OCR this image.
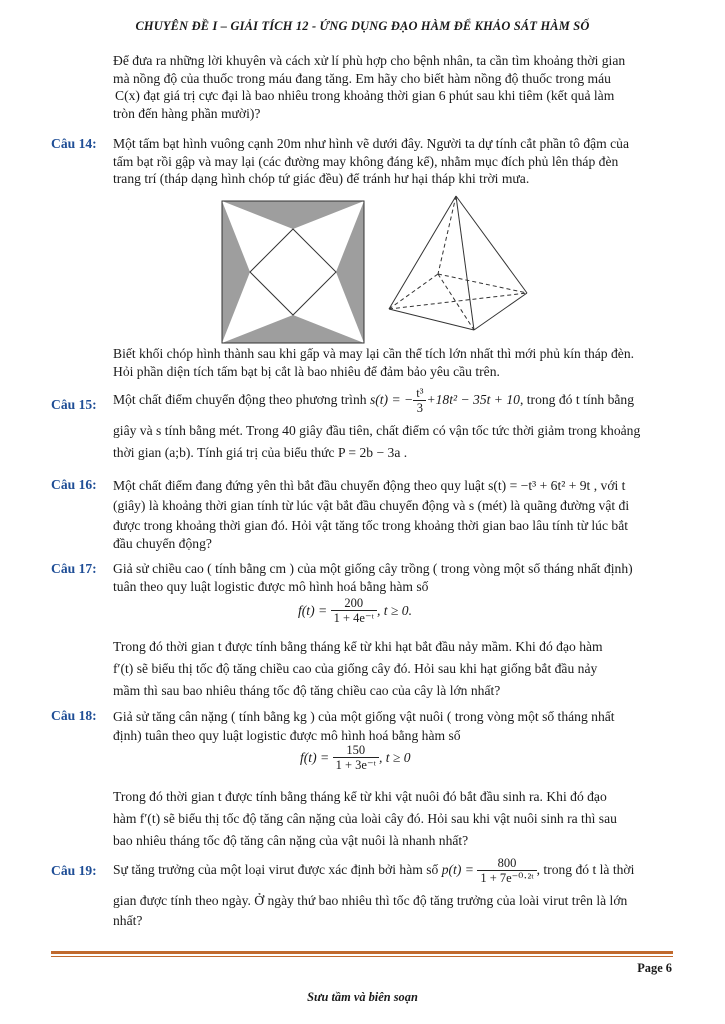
CHUYÊN ĐỀ I – GIẢI TÍCH 12 - ỨNG DỤNG ĐẠO HÀM ĐỂ KHẢO SÁT HÀM SỐ
Để đưa ra những lời khuyên và cách xử lí phù hợp cho bệnh nhân, ta cần tìm khoảng thời gian
mà nồng độ của thuốc trong máu đang tăng. Em hãy cho biết hàm nồng độ thuốc trong máu
C(x) đạt giá trị cực đại là bao nhiêu trong khoảng thời gian 6 phút sau khi tiêm (kết quả làm
tròn đến hàng phần mười)?
Câu 14: Một tấm bạt hình vuông cạnh 20m như hình vẽ dưới đây. Người ta dự tính cắt phần tô đậm của
tấm bạt rồi gập và may lại (các đường may không đáng kể), nhằm mục đích phủ lên tháp đèn
trang trí (tháp dạng hình chóp tứ giác đều) để tránh hư hại tháp khi trời mưa.
Biết khối chóp hình thành sau khi gấp và may lại cần thể tích lớn nhất thì mới phủ kín tháp đèn.
Hỏi phần diện tích tấm bạt bị cắt là bao nhiêu để đảm bảo yêu cầu trên.
Câu 15: Một chất điểm chuyển động theo phương trình
s(t) = − $\frac{\text{t³}}{3} +18t^2 - 35t + 10$ , trong đó t tính bằng
giây và s tính bằng mét. Trong 40 giây đầu tiên, chất điểm có vận tốc tức thời giảm trong khoảng
thời gian (a;b). Tính giá trị của biểu thức P = 2b − 3a .
Câu 16: Một chất điểm đang đứng yên thì bắt đầu chuyển động theo quy luật s(t) = −t³ + 6t² + 9t , với t
(giây) là khoảng thời gian tính từ lúc vật bắt đầu chuyển động và s (mét) là quãng đường vật đi
được trong khoảng thời gian đó. Hỏi vật tăng tốc trong khoảng thời gian bao lâu tính từ lúc bắt
đầu chuyển động?
Câu 17: Giả sử chiều cao ( tính bằng cm ) của một giống cây trồng ( trong vòng một số tháng nhất định)
tuân theo quy luật logistic được mô hình hoá bằng hàm số
f(t) =
$\frac{200}{\text{1 + 4e⁻ᵗ}}$ , t ≥ 0.
Trong đó thời gian t được tính bằng tháng kể từ khi hạt bắt đầu nảy mầm. Khi đó đạo hàm
f′(t) sẽ biểu thị tốc độ tăng chiều cao của giống cây đó. Hỏi sau khi hạt giống bắt đầu nảy
mầm thì sau bao nhiêu tháng tốc độ tăng chiều cao của cây là lớn nhất?
Câu 18: Giả sử tăng cân nặng ( tính bằng kg ) của một giống vật nuôi ( trong vòng một số tháng nhất
định) tuân theo quy luật logistic được mô hình hoá bằng hàm số
f(t) =
$\frac{150}{\text{1 + 3e⁻ᵗ}}$ , t ≥ 0
Trong đó thời gian t được tính bằng tháng kể từ khi vật nuôi đó bắt đầu sinh ra. Khi đó đạo
hàm f′(t) sẽ biểu thị tốc độ tăng cân nặng của loài cây đó. Hỏi sau khi vật nuôi sinh ra thì sau
bao nhiêu tháng tốc độ tăng cân nặng của vật nuôi là nhanh nhất?
Câu 19: Sự tăng trưởng của một loại virut được xác định bởi hàm số
p(t) =
$\frac{800}{\text{1 + 7e⁻⁰·²ᵗ}}$ , trong đó t là thời
gian được tính theo ngày. Ở ngày thứ bao nhiêu thì tốc độ tăng trưởng của loài virut trên là lớn
nhất?
Page 6
Sưu tầm và biên soạn
